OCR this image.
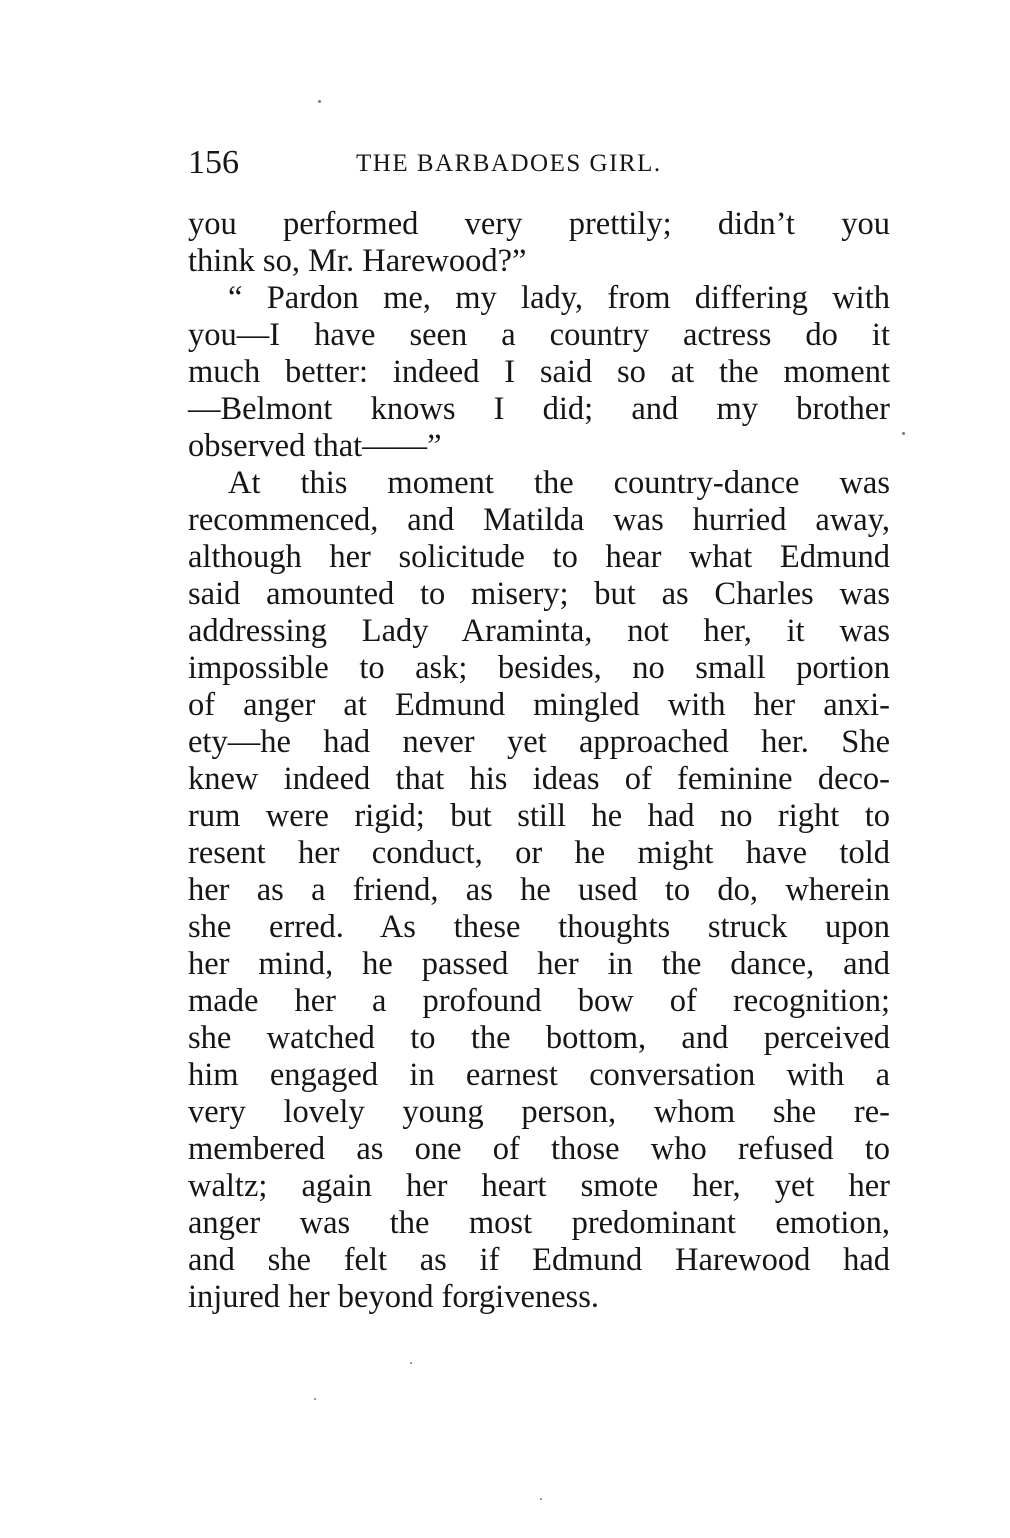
156	THE BARBADOES GIRL.
you performed very prettily; didn’t you
think so, Mr. Harewood?”
“ Pardon me, my lady, from differing with
you—I have seen a country actress do it
much better: indeed I said so at the moment
—Belmont knows I did; and my brother
observed that——”
At this moment the country-dance was
recommenced, and Matilda was hurried away,
although her solicitude to hear what Edmund
said amounted to misery; but as Charles was
addressing Lady Araminta, not her, it was
impossible to ask; besides, no small portion
of anger at Edmund mingled with her anxi-
ety—he had never yet approached her. She
knew indeed that his ideas of feminine deco-
rum were rigid; but still he had no right to
resent her conduct, or he might have told
her as a friend, as he used to do, wherein
she erred. As these thoughts struck upon
her mind, he passed her in the dance, and
made her a profound bow of recognition;
she watched to the bottom, and perceived
him engaged in earnest conversation with a
very lovely young person, whom she re-
membered as one of those who refused to
waltz; again her heart smote her, yet her
anger was the most predominant emotion,
and she felt as if Edmund Harewood had
injured her beyond forgiveness.
